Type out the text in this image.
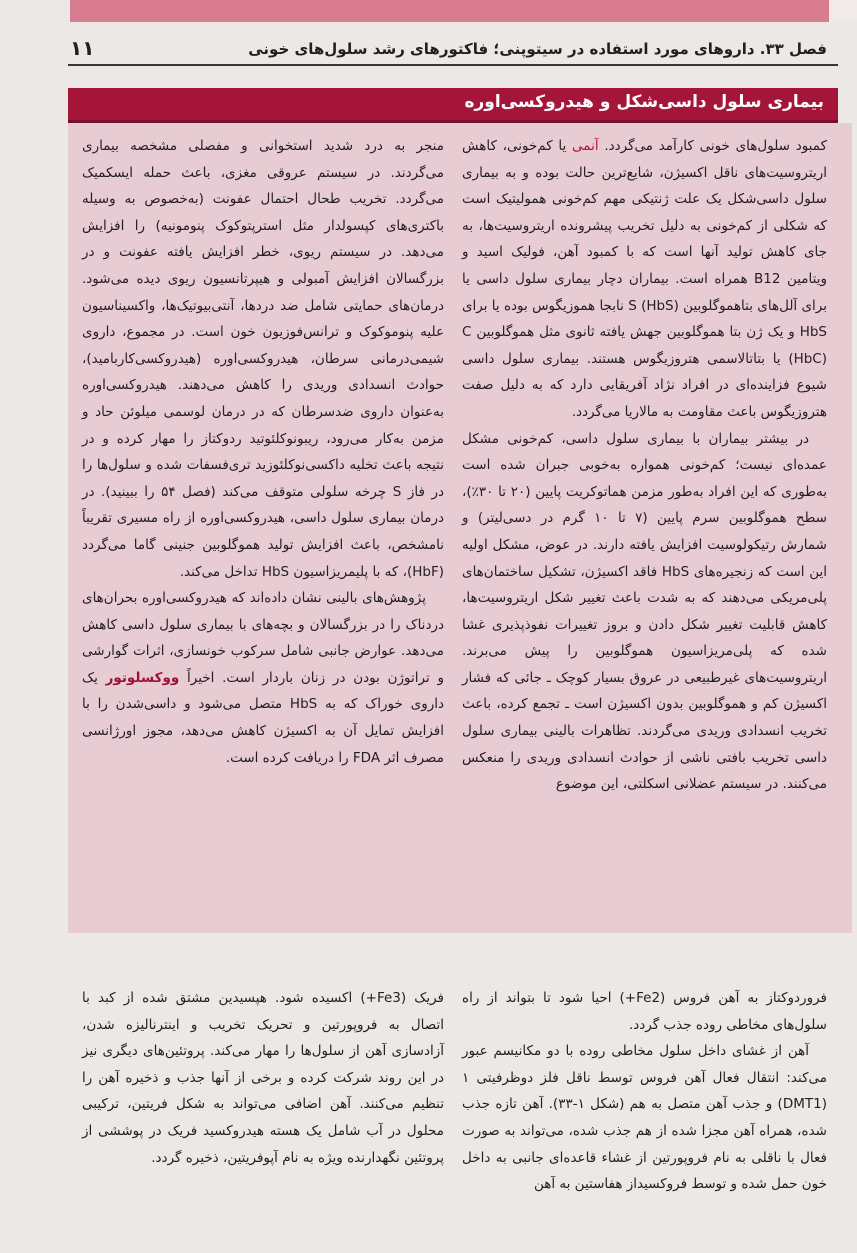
فصل ۳۳. داروهای مورد استفاده در سیتوپنی؛ فاکتورهای رشد سلول‌های خونی
۱۱
بیماری سلول داسی‌شکل و هیدروکسی‌اوره

کمبود سلول‌های خونی کارآمد می‌گردد. آنمی یا کم‌خونی، کاهش اریتروسیت‌های ناقل اکسیژن، شایع‌ترین حالت بوده و به بیماری سلول داسی‌شکل یک علت ژنتیکی مهم کم‌خونی همولیتیک است که شکلی از کم‌خونی به دلیل تخریب پیشرونده اریتروسیت‌ها، به جای کاهش تولید آنها است که با کمبود آهن، فولیک اسید و ویتامین B12 همراه است. بیماران دچار بیماری سلول داسی یا برای آلل‌های بتاهموگلوبین S (HbS) نابجا هموزیگوس بوده یا برای HbS و یک ژن بتا هموگلوبین جهش یافته ثانوی مثل هموگلوبین C (HbC) یا بتاتالاسمی هتروزیگوس هستند. بیماری سلول داسی شیوع فزاینده‌ای در افراد نژاد آفریقایی دارد که به دلیل صفت هتروزیگوس باعث مقاومت به مالاریا می‌گردد.

در بیشتر بیماران با بیماری سلول داسی، کم‌خونی مشکل عمده‌ای نیست؛ کم‌خونی همواره به‌خوبی جبران شده است به‌طوری که این افراد به‌طور مزمن هماتوکریت پایین (۲۰ تا ۳۰٪)، سطح هموگلوبین سرم پایین (۷ تا ۱۰ گرم در دسی‌لیتر) و شمارش رتیکولوسیت افزایش یافته دارند. در عوض، مشکل اولیه این است که زنجیره‌های HbS فاقد اکسیژن، تشکیل ساختمان‌های پلی‌مریکی می‌دهند که به شدت باعث تغییر شکل اریتروسیت‌ها، کاهش قابلیت تغییر شکل دادن و بروز تغییرات نفوذپذیری غشا شده که پلی‌مریزاسیون هموگلوبین را پیش می‌برند. اریتروسیت‌های غیرطبیعی در عروق بسیار کوچک ـ جائی که فشار اکسیژن کم و هموگلوبین بدون اکسیژن است ـ تجمع کرده، باعث تخریب انسدادی وریدی می‌گردند. تظاهرات بالینی بیماری سلول داسی تخریب بافتی ناشی از حوادث انسدادی وریدی را منعکس می‌کنند. در سیستم عضلانی اسکلتی، این موضوع

منجر به درد شدید استخوانی و مفصلی مشخصه بیماری می‌گردند. در سیستم عروقی مغزی، باعث حمله ایسکمیک می‌گردد. تخریب طحال احتمال عفونت (به‌خصوص به وسیله باکتری‌های کپسولدار مثل استرپتوکوک پنومونیه) را افزایش می‌دهد. در سیستم ریوی، خطر افزایش یافته عفونت و در بزرگسالان افزایش آمبولی و هیپرتانسیون ریوی دیده می‌شود. درمان‌های حمایتی شامل ضد دردها، آنتی‌بیوتیک‌ها، واکسیناسیون علیه پنوموکوک و ترانس‌فوزیون خون است. در مجموع، داروی شیمی‌درمانی سرطان، هیدروکسی‌اوره (هیدروکسی‌کاربامید)، حوادث انسدادی وریدی را کاهش می‌دهند. هیدروکسی‌اوره به‌عنوان داروی ضدسرطان که در درمان لوسمی میلوئن حاد و مزمن به‌کار می‌رود، ریبونوکلئوتید ردوکتاز را مهار کرده و در نتیجه باعث تخلیه داکسی‌نوکلئوزید تری‌فسفات شده و سلول‌ها را در فاز S چرخه سلولی متوقف می‌کند (فصل ۵۴ را ببینید). در درمان بیماری سلول داسی، هیدروکسی‌اوره از راه مسیری تقریباً نامشخص، باعث افزایش تولید هموگلوبین جنینی گاما می‌گردد (HbF)، که با پلیمریزاسیون HbS تداخل می‌کند.

پژوهش‌های بالینی نشان داده‌اند که هیدروکسی‌اوره بحران‌های دردناک را در بزرگسالان و بچه‌های با بیماری سلول داسی کاهش می‌دهد. عوارض جانبی شامل سرکوب خونسازی، اثرات گوارشی و تراتوژن بودن در زنان باردار است. اخیراً ووکسلوتور یک داروی خوراک که به HbS متصل می‌شود و داسی‌شدن را با افزایش تمایل آن به اکسیژن کاهش می‌دهد، مجوز اورژانسی مصرف اثر FDA را دریافت کرده است.

فروردوکتاز به آهن فروس (Fe2+) احیا شود تا بتواند از راه سلول‌های مخاطی روده جذب گردد.

آهن از غشای داخل سلول مخاطی روده با دو مکانیسم عبور می‌کند: انتقال فعال آهن فروس توسط ناقل فلز دوظرفیتی ۱ (DMT1) و جذب آهن متصل به هم (شکل ۱-۳۳). آهن تازه جذب شده، همراه آهن مجزا شده از هم جذب شده، می‌تواند به صورت فعال با ناقلی به نام فروپورتین از غشاء قاعده‌ای جانبی به داخل خون حمل شده و توسط فروکسیداز هفاستین به آهن

فریک (Fe3+) اکسیده شود. هپسیدین مشتق شده از کبد با اتصال به فروپورتین و تحریک تخریب و اینترنالیزه شدن، آزادسازی آهن از سلول‌ها را مهار می‌کند. پروتئین‌های دیگری نیز در این روند شرکت کرده و برخی از آنها جذب و ذخیره آهن را تنظیم می‌کنند. آهن اضافی می‌تواند به شکل فریتین، ترکیبی محلول در آب شامل یک هسته هیدروکسید فریک در پوششی از پروتئین نگهدارنده ویژه به نام آپوفریتین، ذخیره گردد.
